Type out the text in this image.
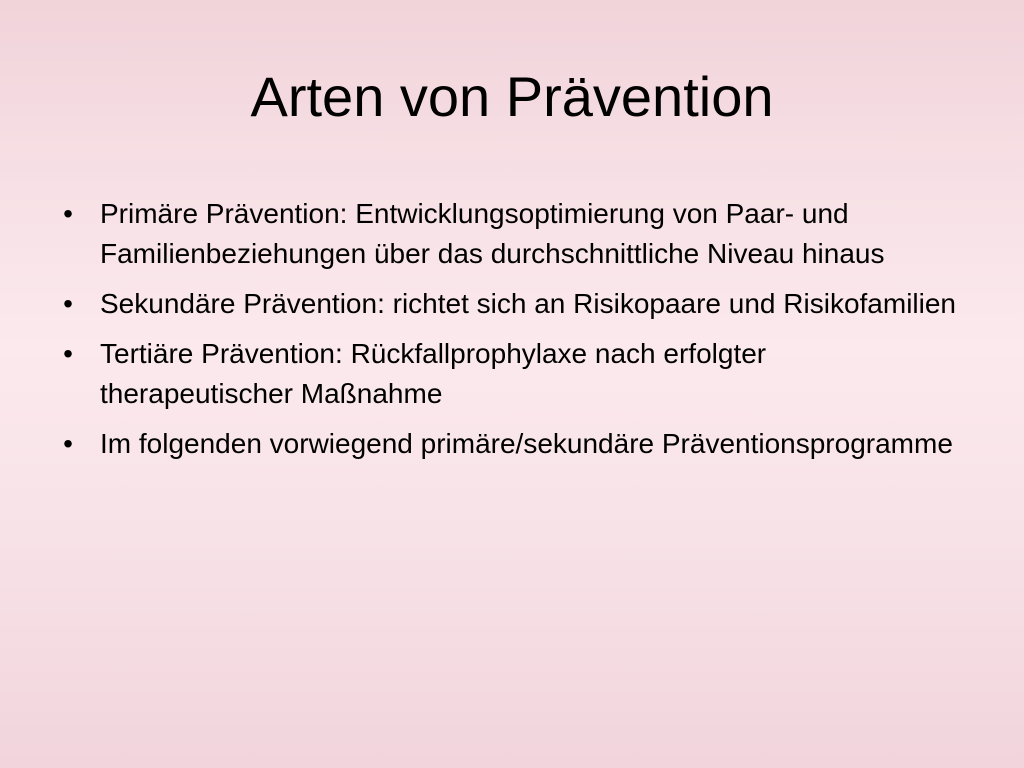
Arten von Prävention
• Primäre Prävention: Entwicklungsoptimierung von Paar- und Familienbeziehungen über das durchschnittliche Niveau hinaus
• Sekundäre Prävention: richtet sich an Risikopaare und Risikofamilien
• Tertiäre Prävention: Rückfallprophylaxe nach erfolgter therapeutischer Maßnahme
• Im folgenden vorwiegend primäre/sekundäre Präventionsprogramme
